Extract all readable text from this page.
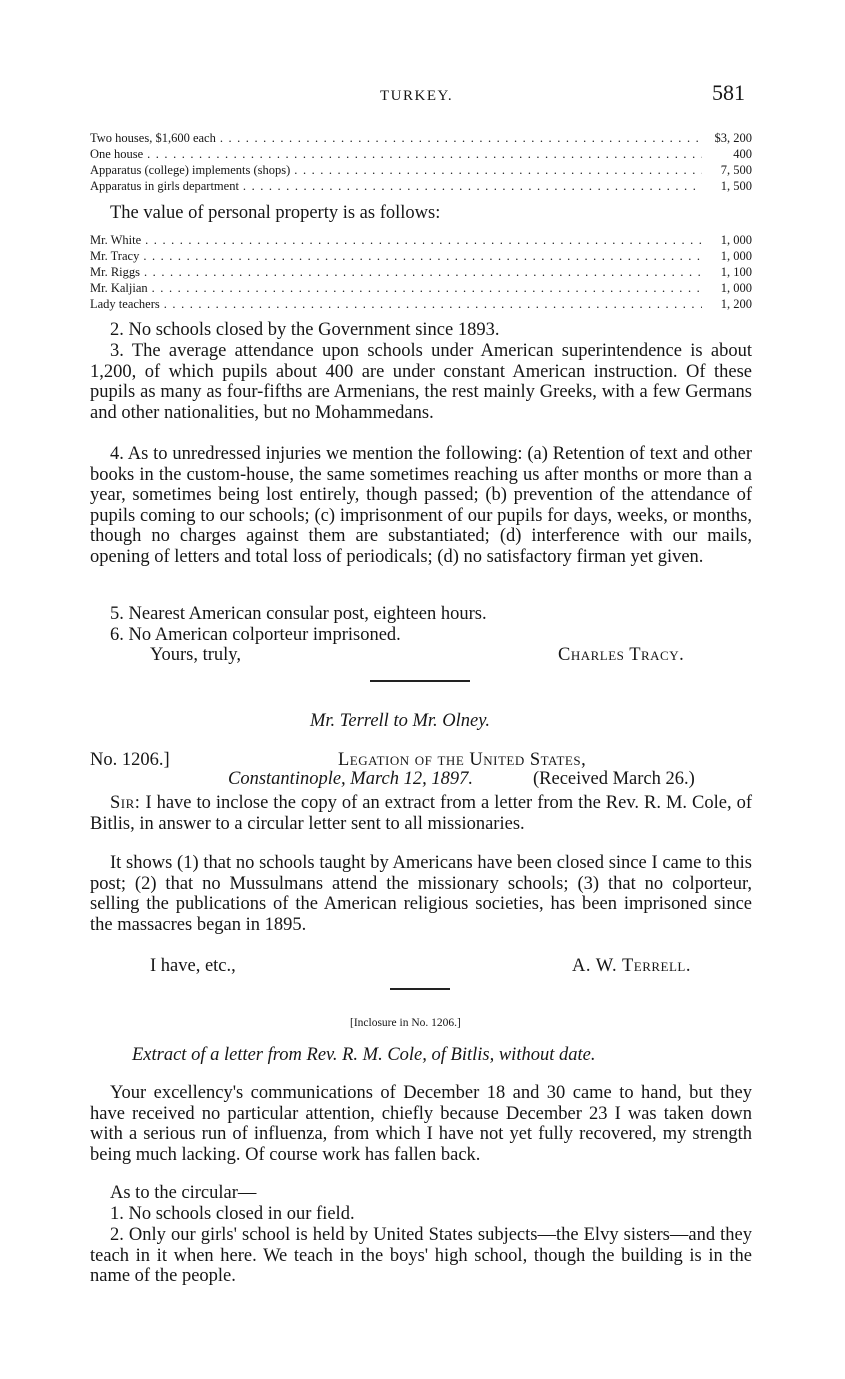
TURKEY.	581
Two houses, $1,600 each . . .	$3, 200
One house . . .	400
Apparatus (college) implements (shops) . . .	7, 500
Apparatus in girls department . . .	1, 500
The value of personal property is as follows:
Mr. White . . .	1, 000
Mr. Tracy . . .	1, 000
Mr. Riggs . . .	1, 100
Mr. Kaljian . . .	1, 000
Lady teachers . . .	1, 200

2. No schools closed by the Government since 1893.

3. The average attendance upon schools under American superintendence is about 1,200, of which pupils about 400 are under constant American instruction. Of these pupils as many as four-fifths are Armenians, the rest mainly Greeks, with a few Germans and other nationalities, but no Mohammedans.

4. As to unredressed injuries we mention the following: (a) Retention of text and other books in the custom-house, the same sometimes reaching us after months or more than a year, sometimes being lost entirely, though passed; (b) prevention of the attendance of pupils coming to our schools; (c) imprisonment of our pupils for days, weeks, or months, though no charges against them are substantiated; (d) interference with our mails, opening of letters and total loss of periodicals; (d) no satisfactory firman yet given.

5. Nearest American consular post, eighteen hours.

6. No American colporteur imprisoned.

Yours, truly,	Charles Tracy.
Mr. Terrell to Mr. Olney.
No. 1206.]	Legation of the United States,
Constantinople, March 12, 1897.	(Received March 26.)

Sir: I have to inclose the copy of an extract from a letter from the Rev. R. M. Cole, of Bitlis, in answer to a circular letter sent to all missionaries.

It shows (1) that no schools taught by Americans have been closed since I came to this post; (2) that no Mussulmans attend the missionary schools; (3) that no colporteur, selling the publications of the American religious societies, has been imprisoned since the massacres began in 1895.

I have, etc.,	A. W. Terrell.
[Inclosure in No. 1206.]
Extract of a letter from Rev. R. M. Cole, of Bitlis, without date.

Your excellency's communications of December 18 and 30 came to hand, but they have received no particular attention, chiefly because December 23 I was taken down with a serious run of influenza, from which I have not yet fully recovered, my strength being much lacking. Of course work has fallen back.

As to the circular—

1. No schools closed in our field.

2. Only our girls' school is held by United States subjects—the Elvy sisters—and they teach in it when here. We teach in the boys' high school, though the building is in the name of the people.
